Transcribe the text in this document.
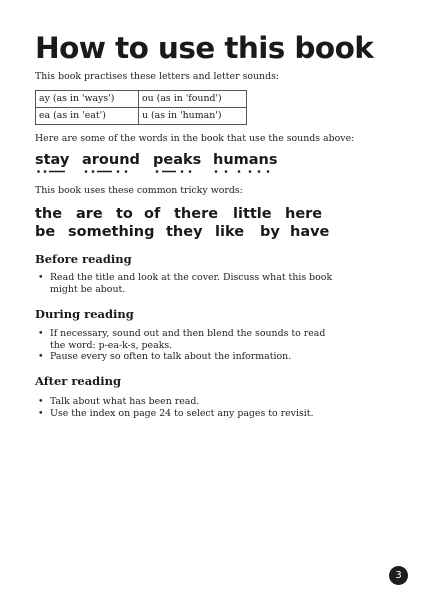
How to use this book

This book practises these letters and letter sounds:

ay (as in 'ways')	ou (as in 'found')
ea (as in 'eat')	u (as in 'human')

Here are some of the words in the book that use the sounds above:

stay around peaks humans

This book uses these common tricky words:

the are to of there little here
be something they like by have
Before reading
• Read the title and look at the cover. Discuss what this book
might be about.
During reading
• If necessary, sound out and then blend the sounds to read
the word: p-ea-k-s, peaks.
• Pause every so often to talk about the information.
After reading
• Talk about what has been read.
• Use the index on page 24 to select any pages to revisit.
3
